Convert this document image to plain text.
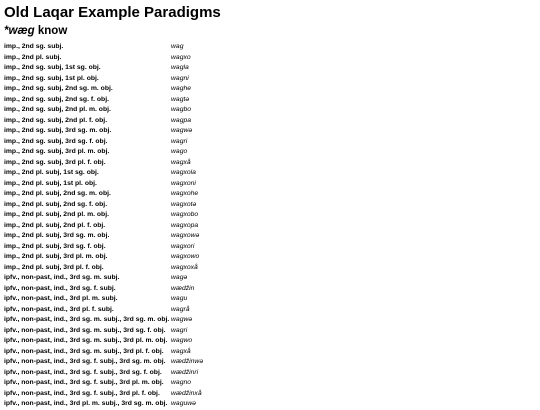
Old Laqar Example Paradigms
*wæg know
imp., 2nd sg. subj.	wag
imp., 2nd pl. subj.	wagxo
imp., 2nd sg. subj, 1st sg. obj.	wagla
imp., 2nd sg. subj, 1st pl. obj.	wagni
imp., 2nd sg. subj, 2nd sg. m. obj.	waghe
imp., 2nd sg. subj, 2nd sg. f. obj.	wagtə
imp., 2nd sg. subj, 2nd pl. m. obj.	wagbo
imp., 2nd sg. subj, 2nd pl. f. obj.	wagpa
imp., 2nd sg. subj, 3rd sg. m. obj.	wagwə
imp., 2nd sg. subj, 3rd sg. f. obj.	wagri
imp., 2nd sg. subj, 3rd pl. m. obj.	wago
imp., 2nd sg. subj, 3rd pl. f. obj.	wagxå
imp., 2nd pl. subj, 1st sg. obj.	wagxola
imp., 2nd pl. subj, 1st pl. obj.	wagxoni
imp., 2nd pl. subj, 2nd sg. m. obj.	wagxohe
imp., 2nd pl. subj, 2nd sg. f. obj.	wagxotə
imp., 2nd pl. subj, 2nd pl. m. obj.	wagxobo
imp., 2nd pl. subj, 2nd pl. f. obj.	wagxopa
imp., 2nd pl. subj, 3rd sg. m. obj.	wagxowə
imp., 2nd pl. subj, 3rd sg. f. obj.	wagxori
imp., 2nd pl. subj, 3rd pl. m. obj.	wagxowo
imp., 2nd pl. subj, 3rd pl. f. obj.	wagxoxå
ipfv., non-past, ind., 3rd sg. m. subj.	wagə
ipfv., non-past, ind., 3rd sg. f. subj.	wædžin
ipfv., non-past, ind., 3rd pl. m. subj.	wagu
ipfv., non-past, ind., 3rd pl. f. subj.	wagrå
ipfv., non-past, ind., 3rd sg. m. subj., 3rd sg. m. obj.	wagwə
ipfv., non-past, ind., 3rd sg. m. subj., 3rd sg. f. obj.	wagri
ipfv., non-past, ind., 3rd sg. m. subj., 3rd pl. m. obj.	wagwo
ipfv., non-past, ind., 3rd sg. m. subj., 3rd pl. f. obj.	wagxå
ipfv., non-past, ind., 3rd sg. f. subj., 3rd sg. m. obj.	wædžinwə
ipfv., non-past, ind., 3rd sg. f. subj., 3rd sg. f. obj.	wædžinri
ipfv., non-past, ind., 3rd sg. f. subj., 3rd pl. m. obj.	wagno
ipfv., non-past, ind., 3rd sg. f. subj., 3rd pl. f. obj.	wædžinxå
ipfv., non-past, ind., 3rd pl. m. subj., 3rd sg. m. obj.	waguwə
